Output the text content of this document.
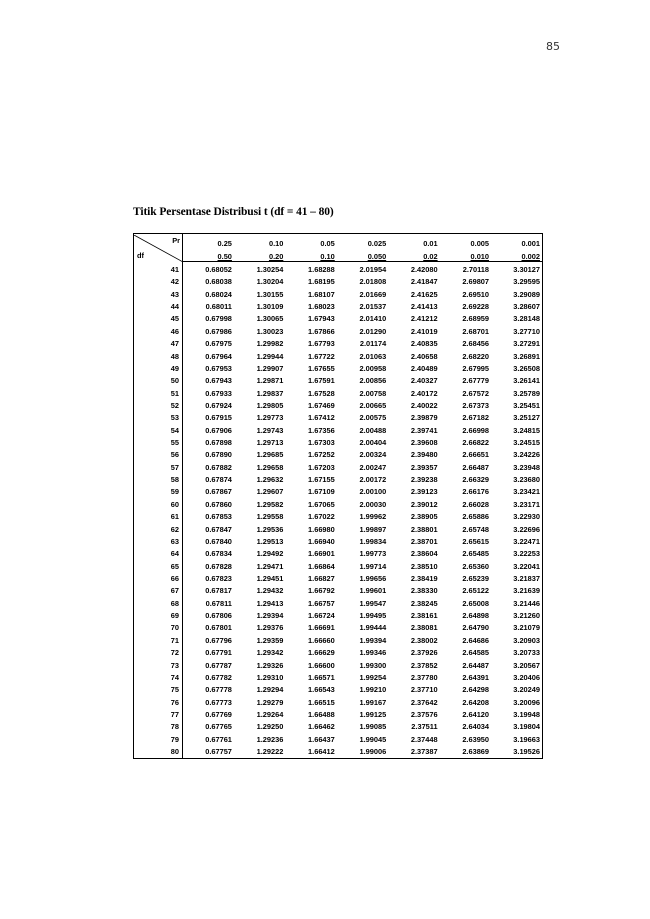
85
Titik Persentase Distribusi t (df = 41 – 80)
Pr
df	0.25	0.10	0.05	0.025	0.01	0.005	0.001
	0.50	0.20	0.10	0.050	0.02	0.010	0.002
41	0.68052	1.30254	1.68288	2.01954	2.42080	2.70118	3.30127
42	0.68038	1.30204	1.68195	2.01808	2.41847	2.69807	3.29595
43	0.68024	1.30155	1.68107	2.01669	2.41625	2.69510	3.29089
44	0.68011	1.30109	1.68023	2.01537	2.41413	2.69228	3.28607
45	0.67998	1.30065	1.67943	2.01410	2.41212	2.68959	3.28148
46	0.67986	1.30023	1.67866	2.01290	2.41019	2.68701	3.27710
47	0.67975	1.29982	1.67793	2.01174	2.40835	2.68456	3.27291
48	0.67964	1.29944	1.67722	2.01063	2.40658	2.68220	3.26891
49	0.67953	1.29907	1.67655	2.00958	2.40489	2.67995	3.26508
50	0.67943	1.29871	1.67591	2.00856	2.40327	2.67779	3.26141
51	0.67933	1.29837	1.67528	2.00758	2.40172	2.67572	3.25789
52	0.67924	1.29805	1.67469	2.00665	2.40022	2.67373	3.25451
53	0.67915	1.29773	1.67412	2.00575	2.39879	2.67182	3.25127
54	0.67906	1.29743	1.67356	2.00488	2.39741	2.66998	3.24815
55	0.67898	1.29713	1.67303	2.00404	2.39608	2.66822	3.24515
56	0.67890	1.29685	1.67252	2.00324	2.39480	2.66651	3.24226
57	0.67882	1.29658	1.67203	2.00247	2.39357	2.66487	3.23948
58	0.67874	1.29632	1.67155	2.00172	2.39238	2.66329	3.23680
59	0.67867	1.29607	1.67109	2.00100	2.39123	2.66176	3.23421
60	0.67860	1.29582	1.67065	2.00030	2.39012	2.66028	3.23171
61	0.67853	1.29558	1.67022	1.99962	2.38905	2.65886	3.22930
62	0.67847	1.29536	1.66980	1.99897	2.38801	2.65748	3.22696
63	0.67840	1.29513	1.66940	1.99834	2.38701	2.65615	3.22471
64	0.67834	1.29492	1.66901	1.99773	2.38604	2.65485	3.22253
65	0.67828	1.29471	1.66864	1.99714	2.38510	2.65360	3.22041
66	0.67823	1.29451	1.66827	1.99656	2.38419	2.65239	3.21837
67	0.67817	1.29432	1.66792	1.99601	2.38330	2.65122	3.21639
68	0.67811	1.29413	1.66757	1.99547	2.38245	2.65008	3.21446
69	0.67806	1.29394	1.66724	1.99495	2.38161	2.64898	3.21260
70	0.67801	1.29376	1.66691	1.99444	2.38081	2.64790	3.21079
71	0.67796	1.29359	1.66660	1.99394	2.38002	2.64686	3.20903
72	0.67791	1.29342	1.66629	1.99346	2.37926	2.64585	3.20733
73	0.67787	1.29326	1.66600	1.99300	2.37852	2.64487	3.20567
74	0.67782	1.29310	1.66571	1.99254	2.37780	2.64391	3.20406
75	0.67778	1.29294	1.66543	1.99210	2.37710	2.64298	3.20249
76	0.67773	1.29279	1.66515	1.99167	2.37642	2.64208	3.20096
77	0.67769	1.29264	1.66488	1.99125	2.37576	2.64120	3.19948
78	0.67765	1.29250	1.66462	1.99085	2.37511	2.64034	3.19804
79	0.67761	1.29236	1.66437	1.99045	2.37448	2.63950	3.19663
80	0.67757	1.29222	1.66412	1.99006	2.37387	2.63869	3.19526
